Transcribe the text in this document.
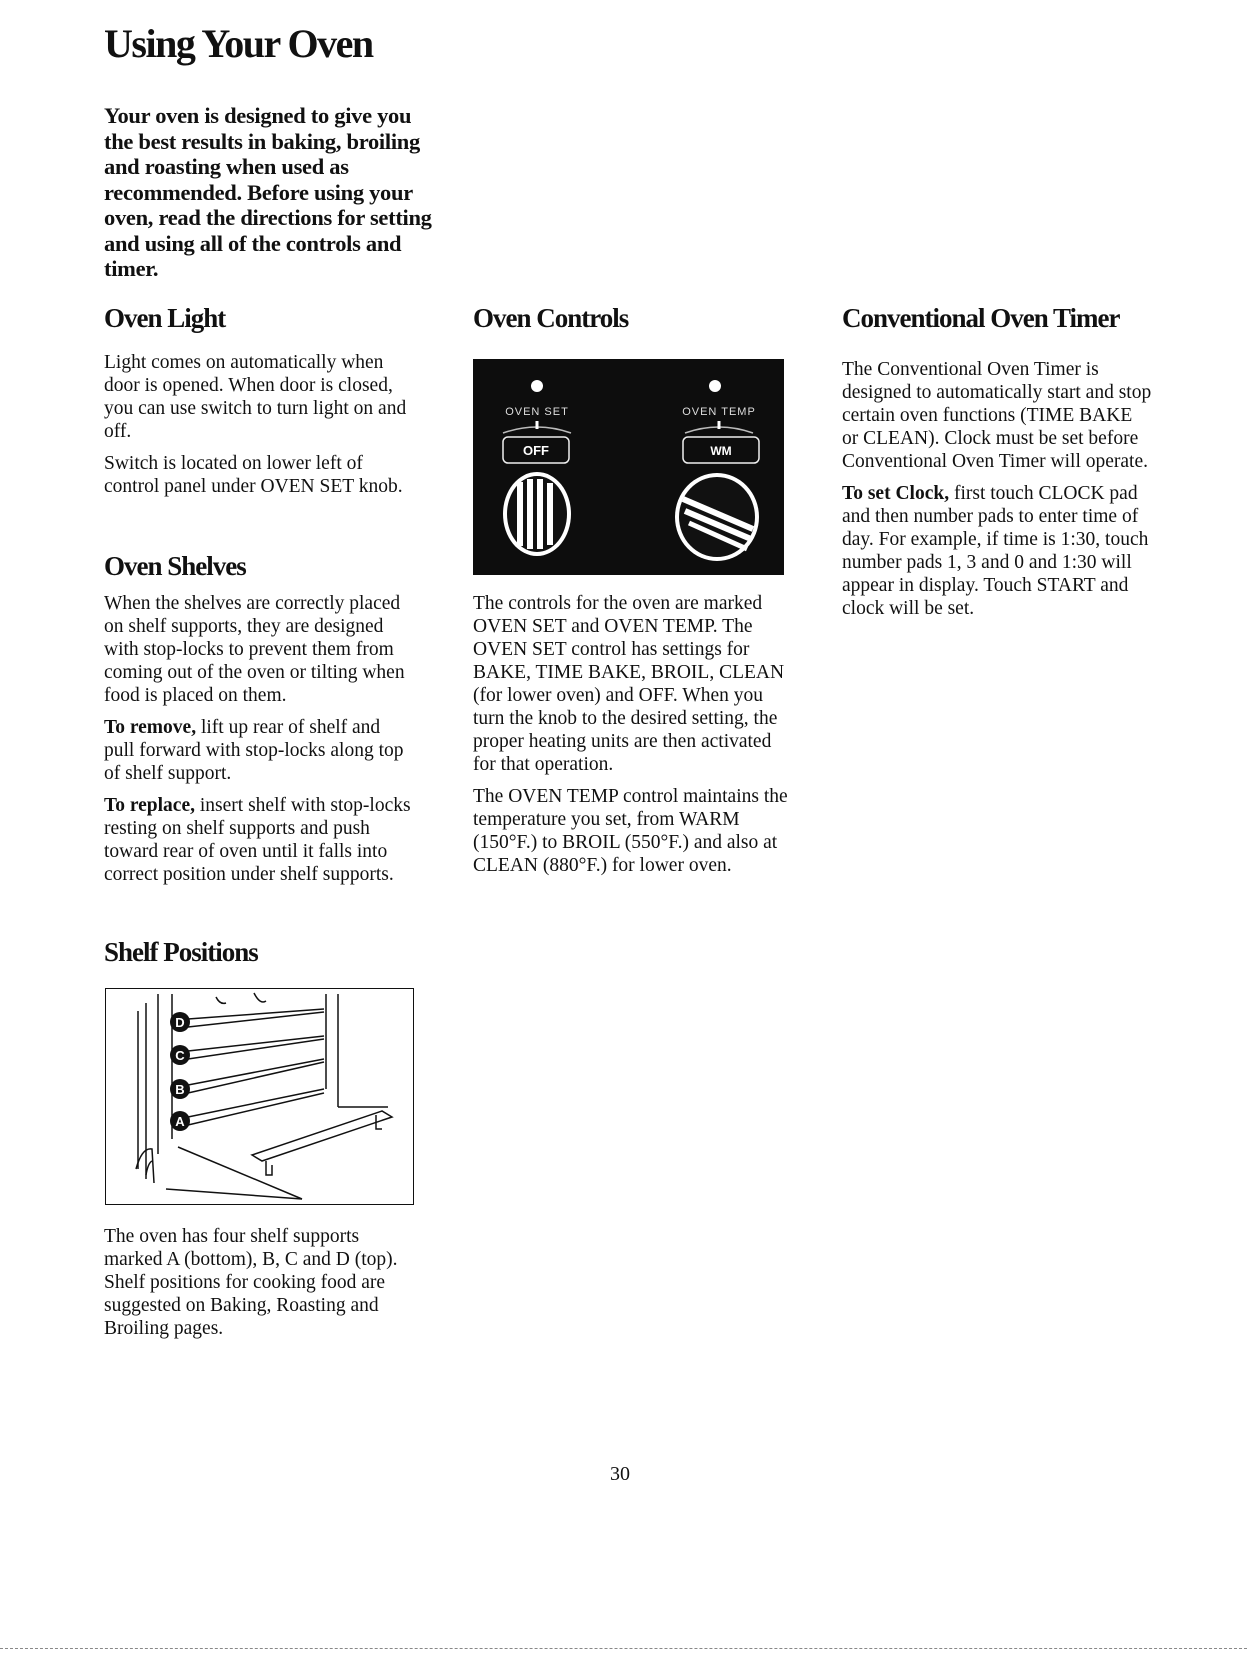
Using Your Oven
Your oven is designed to give you the best results in baking, broiling and roasting when used as recommended. Before using your oven, read the directions for setting and using all of the controls and timer.
Oven Light

Light comes on automatically when door is opened. When door is closed, you can use switch to turn light on and off.

Switch is located on lower left of control panel under OVEN SET knob.

Oven Shelves

When the shelves are correctly placed on shelf supports, they are designed with stop-locks to prevent them from coming out of the oven or tilting when food is placed on them.

To remove, lift up rear of shelf and pull forward with stop-locks along top of shelf support.

To replace, insert shelf with stop-locks resting on shelf supports and push toward rear of oven until it falls into correct position under shelf supports.

Shelf Positions
D
C
B
A
The oven has four shelf supports marked A (bottom), B, C and D (top). Shelf positions for cooking food are suggested on Baking, Roasting and Broiling pages.
Oven Controls
OVEN SET	OVEN TEMP
OFF	WM

The controls for the oven are marked OVEN SET and OVEN TEMP. The OVEN SET control has settings for BAKE, TIME BAKE, BROIL, CLEAN (for lower oven) and OFF. When you turn the knob to the desired setting, the proper heating units are then activated for that operation.

The OVEN TEMP control maintains the temperature you set, from WARM (150°F.) to BROIL (550°F.) and also at CLEAN (880°F.) for lower oven.

Conventional Oven Timer

The Conventional Oven Timer is designed to automatically start and stop certain oven functions (TIME BAKE or CLEAN). Clock must be set before Conventional Oven Timer will operate.

To set Clock, first touch CLOCK pad and then number pads to enter time of day. For example, if time is 1:30, touch number pads 1, 3 and 0 and 1:30 will appear in display. Touch START and clock will be set.

30
